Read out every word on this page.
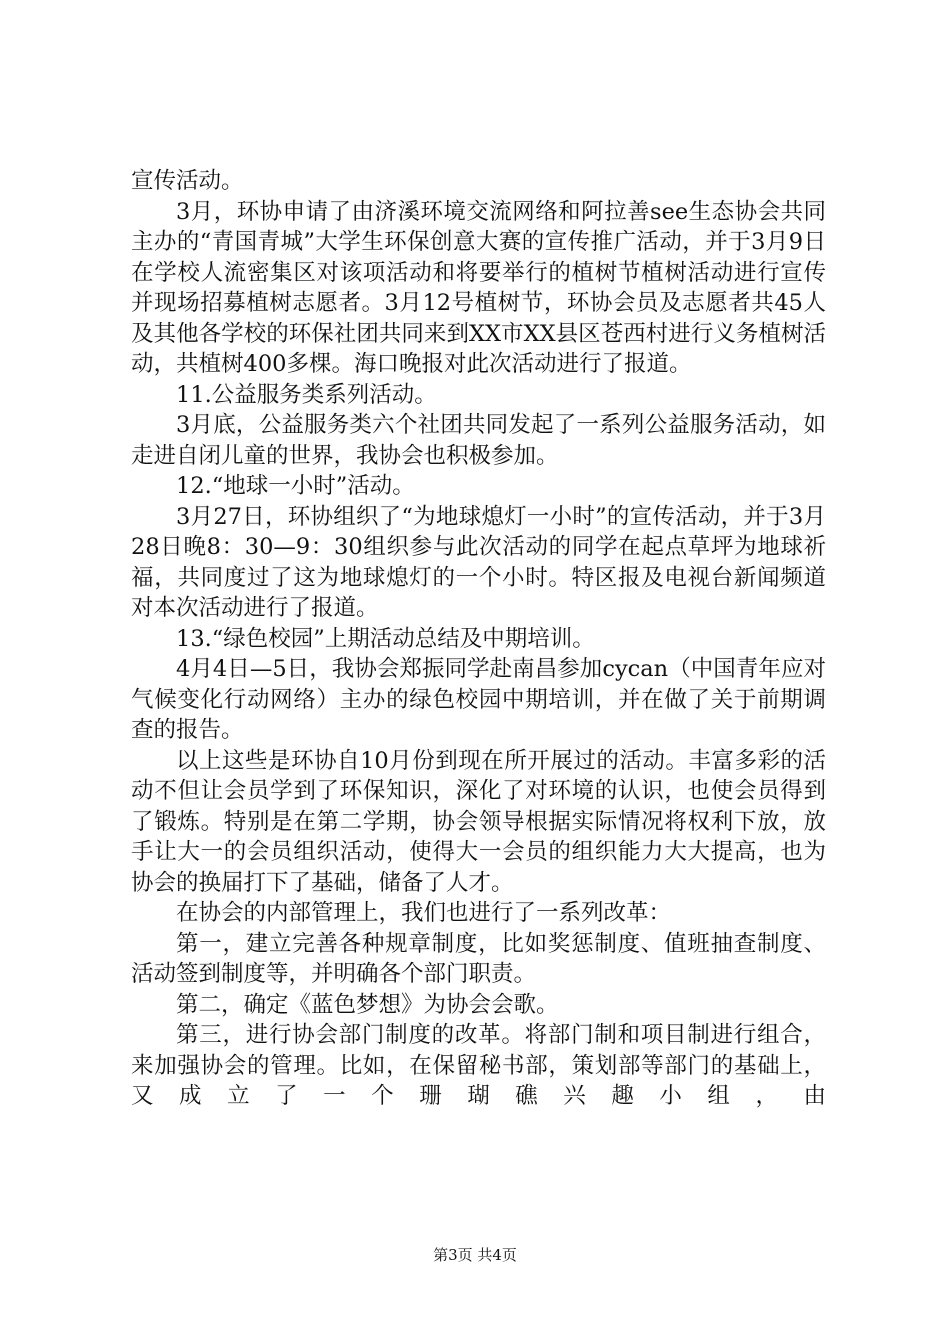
宣传活动。

3月，环协申请了由济溪环境交流网络和阿拉善see生态协会共同主办的“青国青城”大学生环保创意大赛的宣传推广活动，并于3月9日在学校人流密集区对该项活动和将要举行的植树节植树活动进行宣传并现场招募植树志愿者。3月12号植树节，环协会员及志愿者共45人及其他各学校的环保社团共同来到XX市XX县区苍西村进行义务植树活动，共植树400多棵。海口晚报对此次活动进行了报道。

11.公益服务类系列活动。

3月底，公益服务类六个社团共同发起了一系列公益服务活动，如走进自闭儿童的世界，我协会也积极参加。

12.“地球一小时”活动。

3月27日，环协组织了“为地球熄灯一小时”的宣传活动，并于3月28日晚8：30—9：30组织参与此次活动的同学在起点草坪为地球祈福，共同度过了这为地球熄灯的一个小时。特区报及电视台新闻频道对本次活动进行了报道。

13.“绿色校园”上期活动总结及中期培训。

4月4日—5日，我协会郑振同学赴南昌参加cycan（中国青年应对气候变化行动网络）主办的绿色校园中期培训，并在做了关于前期调查的报告。

以上这些是环协自10月份到现在所开展过的活动。丰富多彩的活动不但让会员学到了环保知识，深化了对环境的认识，也使会员得到了锻炼。特别是在第二学期，协会领导根据实际情况将权利下放，放手让大一的会员组织活动，使得大一会员的组织能力大大提高，也为协会的换届打下了基础，储备了人才。

在协会的内部管理上，我们也进行了一系列改革：

第一，建立完善各种规章制度，比如奖惩制度、值班抽查制度、活动签到制度等，并明确各个部门职责。

第二，确定《蓝色梦想》为协会会歌。

第三，进行协会部门制度的改革。将部门制和项目制进行组合，来加强协会的管理。比如，在保留秘书部，策划部等部门的基础上，又成立了一个珊瑚礁兴趣小组，由

第3页 共4页
